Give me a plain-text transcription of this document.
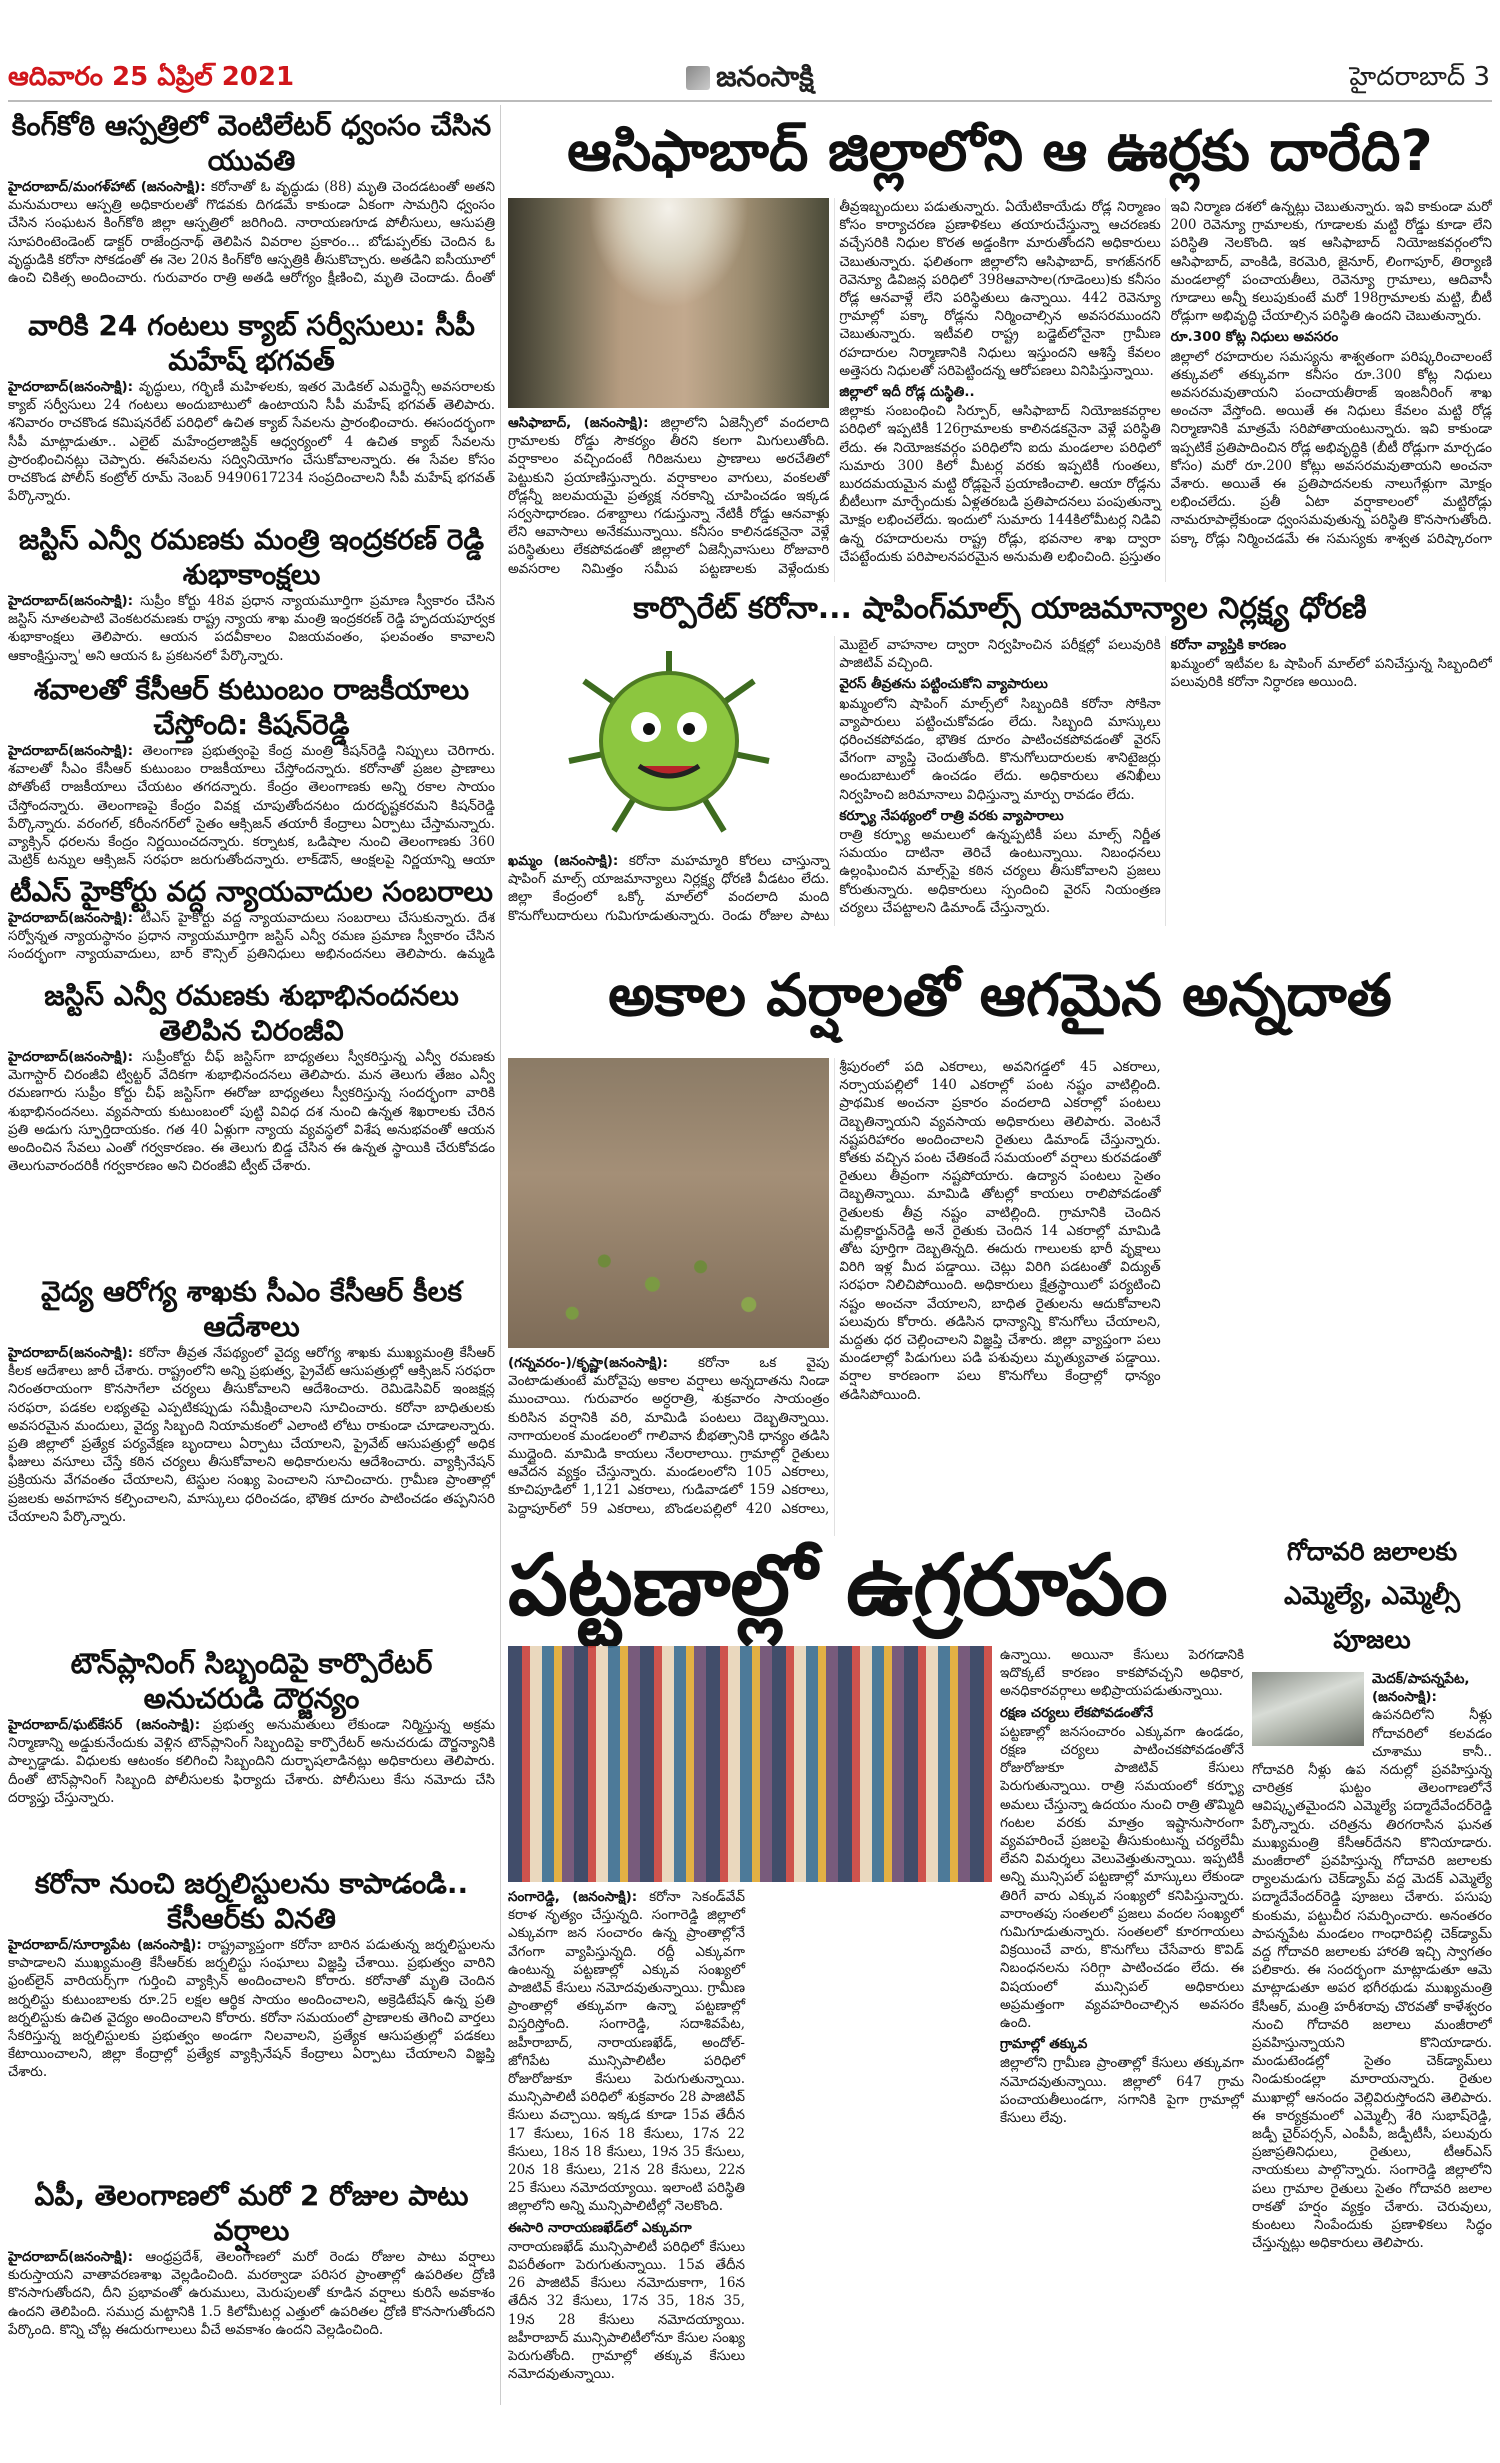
ఆదివారం 25 ఏప్రిల్ 2021	జనంసాక్షి	హైదరాబాద్ 3
కింగ్‌కోఠి ఆస్పత్రిలో వెంటిలేటర్ ధ్వంసం చేసిన యువతి
హైదరాబాద్/మంగళ్‌హాట్ (జనంసాక్షి): కరోనాతో ఓ వృద్ధుడు (88) మృతి చెందడటంతో అతని మనుమరాలు ఆస్పత్రి అధికారులతో గొడవకు దిగడమే కాకుండా ఏకంగా సామగ్రిని ధ్వంసం చేసిన సంఘటన కింగ్‌కోఠి జిల్లా ఆస్పత్రిలో జరిగింది. నారాయణగూడ పోలీసులు, ఆసుపత్రి సూపరింటెండెంట్ డాక్టర్ రాజేంద్రనాథ్ తెలిపిన వివరాల ప్రకారం... బోడుప్పల్‌కు చెందిన ఓ వృద్ధుడికి కరోనా సోకడంతో ఈ నెల 20న కింగ్‌కోఠి ఆస్పత్రికి తీసుకొచ్చారు. అతడిని ఐసీయూలో ఉంచి చికిత్స అందించారు. గురువారం రాత్రి అతడి ఆరోగ్యం క్షీణించి, మృతి చెందాడు. దీంతో
వారికి 24 గంటలు క్యాబ్ సర్వీసులు: సీపీ మహేష్ భగవత్
హైదరాబాద్(జనంసాక్షి): వృద్ధులు, గర్భిణీ మహిళలకు, ఇతర మెడికల్ ఎమర్జెన్సీ అవసరాలకు క్యాబ్ సర్వీసులు 24 గంటలు అందుబాటులో ఉంటాయని సీపీ మహేష్ భగవత్ తెలిపారు. శనివారం రాచకొండ కమిషనరేట్ పరిధిలో ఉచిత క్యాబ్ సేవలను ప్రారంభించారు. ఈసందర్భంగా సీపీ మాట్లాడుతూ.. ఎలైట్ మహేంద్రలాజిస్టిక్ ఆధ్వర్యంలో 4 ఉచిత క్యాబ్ సేవలను ప్రారంభించినట్లు చెప్పారు. ఈసేవలను సద్వినియోగం చేసుకోవాలన్నారు. ఈ సేవల కోసం రాచకొండ పోలీస్ కంట్రోల్ రూమ్ నెంబర్ 9490617234 సంప్రదించాలని సీపీ మహేష్ భగవత్ పేర్కొన్నారు.
జస్టిస్ ఎన్వీ రమణకు మంత్రి ఇంద్రకరణ్ రెడ్డి శుభాకాంక్షలు
హైదరాబాద్(జనంసాక్షి): సుప్రీం కోర్టు 48వ ప్రధాన న్యాయమూర్తిగా ప్రమాణ స్వీకారం చేసిన జస్టిస్ నూతలపాటి వెంకటరమణకు రాష్ట్ర న్యాయ శాఖ మంత్రి ఇంద్రకరణ్ రెడ్డి హృదయపూర్వక శుభాకాంక్షలు తెలిపారు. ఆయన పదవీకాలం విజయవంతం, ఫలవంతం కావాలని ఆకాంక్షిస్తున్నా' అని ఆయన ఓ ప్రకటనలో పేర్కొన్నారు.
శవాలతో కేసీఆర్ కుటుంబం రాజకీయాలు చేస్తోంది: కిషన్‌రెడ్డి
హైదరాబాద్(జనంసాక్షి): తెలంగాణ ప్రభుత్వంపై కేంద్ర మంత్రి కిషన్‌రెడ్డి నిప్పులు చెరిగారు. శవాలతో సీఎం కేసీఆర్ కుటుంబం రాజకీయాలు చేస్తోందన్నారు. కరోనాతో ప్రజల ప్రాణాలు పోతోంటే రాజకీయాలు చేయటం తగదన్నారు. కేంద్రం తెలంగాణకు అన్ని రకాల సాయం చేస్తోందన్నారు. తెలంగాణపై కేంద్రం వివక్ష చూపుతోందనటం దురదృష్టకరమని కిషన్‌రెడ్డి పేర్కొన్నారు. వరంగల్, కరీంనగర్‌లో సైతం ఆక్సిజన్ తయారీ కేంద్రాలు ఏర్పాటు చేస్తామన్నారు. వ్యాక్సిన్ ధరలను కేంద్రం నిర్ణయించదన్నారు. కర్నాటక, ఒడిషాల నుంచి తెలంగాణకు 360 మెట్రిక్ టన్నుల ఆక్సిజన్ సరఫరా జరుగుతోందన్నారు. లాక్‌డౌన్, ఆంక్షలపై నిర్ణయాన్ని ఆయా
టీఎస్ హైకోర్టు వద్ద న్యాయవాదుల సంబరాలు
హైదరాబాద్(జనంసాక్షి): టీఎస్ హైకోర్టు వద్ద న్యాయవాదులు సంబరాలు చేసుకున్నారు. దేశ సర్వోన్నత న్యాయస్థానం ప్రధాన న్యాయమూర్తిగా జస్టిస్ ఎన్వీ రమణ ప్రమాణ స్వీకారం చేసిన సందర్భంగా న్యాయవాదులు, బార్ కౌన్సిల్ ప్రతినిధులు అభినందనలు తెలిపారు. ఉమ్మడి
జస్టిస్ ఎన్వీ రమణకు శుభాభినందనలు తెలిపిన చిరంజీవి
హైదరాబాద్(జనంసాక్షి): సుప్రీంకోర్టు చీఫ్ జస్టిస్‌గా బాధ్యతలు స్వీకరిస్తున్న ఎన్వీ రమణకు మెగాస్టార్ చిరంజీవి ట్విట్టర్ వేదికగా శుభాభినందనలు తెలిపారు. మన తెలుగు తేజం ఎన్వీ రమణగారు సుప్రీం కోర్టు చీఫ్ జస్టిస్‌గా ఈరోజు బాధ్యతలు స్వీకరిస్తున్న సందర్భంగా వారికి శుభాభినందనలు. వ్యవసాయ కుటుంబంలో పుట్టి వివిధ దశ నుంచి ఉన్నత శిఖరాలకు చేరిన ప్రతి అడుగు స్ఫూర్తిదాయకం. గత 40 ఏళ్లుగా న్యాయ వ్యవస్థలో విశేష అనుభవంతో ఆయన అందించిన సేవలు ఎంతో గర్వకారణం. ఈ తెలుగు బిడ్డ చేసిన ఈ ఉన్నత స్థాయికి చేరుకోవడం తెలుగువారందరికీ గర్వకారణం అని చిరంజీవి ట్వీట్ చేశారు.
వైద్య ఆరోగ్య శాఖకు సీఎం కేసీఆర్ కీలక ఆదేశాలు
హైదరాబాద్(జనంసాక్షి): కరోనా తీవ్రత నేపథ్యంలో వైద్య ఆరోగ్య శాఖకు ముఖ్యమంత్రి కేసీఆర్ కీలక ఆదేశాలు జారీ చేశారు. రాష్ట్రంలోని అన్ని ప్రభుత్వ, ప్రైవేట్ ఆసుపత్రుల్లో ఆక్సిజన్ సరఫరా నిరంతరాయంగా కొనసాగేలా చర్యలు తీసుకోవాలని ఆదేశించారు. రెమిడెసివిర్ ఇంజక్షన్ల సరఫరా, పడకల లభ్యతపై ఎప్పటికప్పుడు సమీక్షించాలని సూచించారు. కరోనా బాధితులకు అవసరమైన మందులు, వైద్య సిబ్బంది నియామకంలో ఎలాంటి లోటు రాకుండా చూడాలన్నారు. ప్రతి జిల్లాలో ప్రత్యేక పర్యవేక్షణ బృందాలు ఏర్పాటు చేయాలని, ప్రైవేట్ ఆసుపత్రుల్లో అధిక ఫీజులు వసూలు చేస్తే కఠిన చర్యలు తీసుకోవాలని అధికారులను ఆదేశించారు. వ్యాక్సినేషన్ ప్రక్రియను వేగవంతం చేయాలని, టెస్టుల సంఖ్య పెంచాలని సూచించారు. గ్రామీణ ప్రాంతాల్లో ప్రజలకు అవగాహన కల్పించాలని, మాస్కులు ధరించడం, భౌతిక దూరం పాటించడం తప్పనిసరి చేయాలని పేర్కొన్నారు.
టౌన్‌ప్లానింగ్ సిబ్బందిపై కార్పొరేటర్ అనుచరుడి దౌర్జన్యం
హైదరాబాద్/ఘట్‌కేసర్ (జనంసాక్షి): ప్రభుత్వ అనుమతులు లేకుండా నిర్మిస్తున్న అక్రమ నిర్మాణాన్ని అడ్డుకునేందుకు వెళ్లిన టౌన్‌ప్లానింగ్ సిబ్బందిపై కార్పొరేటర్ అనుచరుడు దౌర్జన్యానికి పాల్పడ్డాడు. విధులకు ఆటంకం కలిగించి సిబ్బందిని దుర్భాషలాడినట్లు అధికారులు తెలిపారు. దీంతో టౌన్‌ప్లానింగ్ సిబ్బంది పోలీసులకు ఫిర్యాదు చేశారు. పోలీసులు కేసు నమోదు చేసి దర్యాప్తు చేస్తున్నారు.
కరోనా నుంచి జర్నలిస్టులను కాపాడండి.. కేసీఆర్‌కు వినతి
హైదరాబాద్/సూర్యాపేట (జనంసాక్షి): రాష్ట్రవ్యాప్తంగా కరోనా బారిన పడుతున్న జర్నలిస్టులను కాపాడాలని ముఖ్యమంత్రి కేసీఆర్‌కు జర్నలిస్టు సంఘాలు విజ్ఞప్తి చేశాయి. ప్రభుత్వం వారిని ఫ్రంట్‌లైన్ వారియర్స్‌గా గుర్తించి వ్యాక్సిన్ అందించాలని కోరారు. కరోనాతో మృతి చెందిన జర్నలిస్టు కుటుంబాలకు రూ.25 లక్షల ఆర్థిక సాయం అందించాలని, అక్రెడిటేషన్ ఉన్న ప్రతి జర్నలిస్టుకు ఉచిత వైద్యం అందించాలని కోరారు. కరోనా సమయంలో ప్రాణాలకు తెగించి వార్తలు సేకరిస్తున్న జర్నలిస్టులకు ప్రభుత్వం అండగా నిలవాలని, ప్రత్యేక ఆసుపత్రుల్లో పడకలు కేటాయించాలని, జిల్లా కేంద్రాల్లో ప్రత్యేక వ్యాక్సినేషన్ కేంద్రాలు ఏర్పాటు చేయాలని విజ్ఞప్తి చేశారు.
ఏపీ, తెలంగాణలో మరో 2 రోజుల పాటు వర్షాలు
హైదరాబాద్(జనంసాక్షి): ఆంధ్రప్రదేశ్, తెలంగాణలో మరో రెండు రోజుల పాటు వర్షాలు కురుస్తాయని వాతావరణశాఖ వెల్లడించింది. మరఠ్వాడా పరిసర ప్రాంతాల్లో ఉపరితల ద్రోణి కొనసాగుతోందని, దీని ప్రభావంతో ఉరుములు, మెరుపులతో కూడిన వర్షాలు కురిసే అవకాశం ఉందని తెలిపింది. సముద్ర మట్టానికి 1.5 కిలోమీటర్ల ఎత్తులో ఉపరితల ద్రోణి కొనసాగుతోందని పేర్కొంది. కొన్ని చోట్ల ఈదురుగాలులు వీచే అవకాశం ఉందని వెల్లడించింది.
ఆసిఫాబాద్ జిల్లాలోని ఆ ఊర్లకు దారేది?
ఆసిఫాబాద్, (జనంసాక్షి): జిల్లాలోని ఏజెన్సీలో వందలాది గ్రామాలకు రోడ్డు సౌకర్యం తీరని కలగా మిగులుతోంది. వర్షాకాలం వచ్చిందంటే గిరిజనులు ప్రాణాలు అరచేతిలో పెట్టుకుని ప్రయాణిస్తున్నారు. వర్షాకాలం వాగులు, వంకలతో రోడ్లన్నీ జలమయమై ప్రత్యక్ష నరకాన్ని చూపించడం ఇక్కడ సర్వసాధారణం. దశాబ్దాలు గడుస్తున్నా నేటికీ రోడ్డు ఆనవాళ్లు లేని ఆవాసాలు అనేకమున్నాయి. కనీసం కాలినడకనైనా వెళ్లే పరిస్థితులు లేకపోవడంతో జిల్లాలో ఏజెన్సీవాసులు రోజువారి అవసరాల నిమిత్తం సమీప పట్టణాలకు వెళ్లేందుకు తీవ్రఇబ్బందులు పడుతున్నారు. ఏయేటికాయేడు రోడ్ల నిర్మాణం కోసం కార్యాచరణ ప్రణాళికలు తయారుచేస్తున్నా ఆచరణకు వచ్చేసరికి నిధుల కొరత అడ్డంకిగా మారుతోందని అధికారులు చెబుతున్నారు. ఫలితంగా జిల్లాలోని ఆసిఫాబాద్, కాగజ్‌నగర్ రెవెన్యూ డివిజన్ల పరిధిలో 398ఆవాసాల(గూడెంలు)కు కనీసం రోడ్ల ఆనవాళ్లే లేని పరిస్థితులు ఉన్నాయి. 442 రెవెన్యూ గ్రామాల్లో పక్కా రోడ్లను నిర్మించాల్సిన అవసరముందని చెబుతున్నారు. ఇటీవలి రాష్ట్ర బడ్జెట్‌లోనైనా గ్రామీణ రహదారుల నిర్మాణానికి నిధులు ఇస్తుందని ఆశిస్తే కేవలం అత్తెసరు నిధులతో సరిపెట్టిందన్న ఆరోపణలు వినిపిస్తున్నాయి.
జిల్లాలో ఇదీ రోడ్ల దుస్థితి..
జిల్లాకు సంబంధించి సిర్పూర్, ఆసిఫాబాద్ నియోజకవర్గాల పరిధిలో ఇప్పటికీ 126గ్రామాలకు కాలినడకనైనా వెళ్లే పరిస్థితి లేదు. ఈ నియోజకవర్గం పరిధిలోని ఐదు మండలాల పరిధిలో సుమారు 300 కిలో మీటర్ల వరకు ఇప్పటికీ గుంతలు, బురదమయమైన మట్టి రోడ్లపైనే ప్రయాణించాలి. ఆయా రోడ్లను బీటీలుగా మార్చేందుకు ఏళ్లతరబడి ప్రతిపాదనలు పంపుతున్నా మోక్షం లభించలేదు. ఇందులో సుమారు 144కిలోమీటర్ల నిడివి ఉన్న రహదారులను రాష్ట్ర రోడ్లు, భవనాల శాఖ ద్వారా చేపట్టేందుకు పరిపాలనపరమైన అనుమతి లభించింది. ప్రస్తుతం ఇవి నిర్మాణ దశలో ఉన్నట్లు చెబుతున్నారు. ఇవి కాకుండా మరో 200 రెవెన్యూ గ్రామాలకు, గూడాలకు మట్టి రోడ్డు కూడా లేని పరిస్థితి నెలకొంది. ఇక ఆసిఫాబాద్ నియోజకవర్గంలోని ఆసిఫాబాద్, వాంకిడి, కెరమెరి, జైనూర్, లింగాపూర్, తిర్యాణి మండలాల్లో పంచాయతీలు, రెవెన్యూ గ్రామాలు, ఆదివాసీ గూడాలు అన్నీ కలుపుకుంటే మరో 198గ్రామాలకు మట్టి, బీటీ రోడ్లుగా అభివృద్ధి చేయాల్సిన పరిస్థితి ఉందని చెబుతున్నారు.
రూ.300 కోట్ల నిధులు అవసరం
జిల్లాలో రహదారుల సమస్యను శాశ్వతంగా పరిష్కరించాలంటే తక్కువలో తక్కువగా కనీసం రూ.300 కోట్ల నిధులు అవసరమవుతాయని పంచాయతీరాజ్ ఇంజనీరింగ్ శాఖ అంచనా వేస్తోంది. అయితే ఈ నిధులు కేవలం మట్టి రోడ్ల నిర్మాణానికి మాత్రమే సరిపోతాయంటున్నారు. ఇవి కాకుండా ఇప్పటికే ప్రతిపాదించిన రోడ్ల అభివృద్ధికి (బీటీ రోడ్లుగా మార్చడం కోసం) మరో రూ.200 కోట్లు అవసరమవుతాయని అంచనా వేశారు. అయితే ఈ ప్రతిపాదనలకు నాలుగేళ్లుగా మోక్షం లభించలేదు. ప్రతీ ఏటా వర్షాకాలంలో మట్టిరోడ్లు నామరూపాల్లేకుండా ధ్వంసమవుతున్న పరిస్థితి కొనసాగుతోంది. పక్కా రోడ్లు నిర్మించడమే ఈ సమస్యకు శాశ్వత పరిష్కారంగా
కార్పొరేట్ కరోనా... షాపింగ్‌మాల్స్ యాజమాన్యాల నిర్లక్ష్య ధోరణి
ఖమ్మం (జనంసాక్షి): కరోనా మహమ్మారి కోరలు చాస్తున్నా షాపింగ్ మాల్స్ యాజమాన్యాలు నిర్లక్ష్య ధోరణి వీడటం లేదు. జిల్లా కేంద్రంలో ఒక్కో మాల్‌లో వందలాది మంది కొనుగోలుదారులు గుమిగూడుతున్నారు. రెండు రోజుల పాటు మొబైల్ వాహనాల ద్వారా నిర్వహించిన పరీక్షల్లో పలువురికి పాజిటివ్ వచ్చింది.
వైరస్ తీవ్రతను పట్టించుకోని వ్యాపారులు
ఖమ్మంలోని షాపింగ్ మాల్స్‌లో సిబ్బందికి కరోనా సోకినా వ్యాపారులు పట్టించుకోవడం లేదు. సిబ్బంది మాస్కులు ధరించకపోవడం, భౌతిక దూరం పాటించకపోవడంతో వైరస్ వేగంగా వ్యాప్తి చెందుతోంది. కొనుగోలుదారులకు శానిటైజర్లు అందుబాటులో ఉంచడం లేదు. అధికారులు తనిఖీలు నిర్వహించి జరిమానాలు విధిస్తున్నా మార్పు రావడం లేదు.
కర్ఫ్యూ నేపథ్యంలో రాత్రి వరకు వ్యాపారాలు
రాత్రి కర్ఫ్యూ అమలులో ఉన్నప్పటికీ పలు మాల్స్ నిర్ణీత సమయం దాటినా తెరిచే ఉంటున్నాయి. నిబంధనలు ఉల్లంఘించిన మాల్స్‌పై కఠిన చర్యలు తీసుకోవాలని ప్రజలు కోరుతున్నారు. అధికారులు స్పందించి వైరస్ నియంత్రణ చర్యలు చేపట్టాలని డిమాండ్ చేస్తున్నారు.
కరోనా వ్యాప్తికి కారణం
ఖమ్మంలో ఇటీవల ఓ షాపింగ్ మాల్‌లో పనిచేస్తున్న సిబ్బందిలో పలువురికి కరోనా నిర్ధారణ అయింది.
అకాల వర్షాలతో ఆగమైన అన్నదాత
(గన్నవరం-)/కృష్ణా(జనంసాక్షి): కరోనా ఒక వైపు వెంటాడుతుంటే మరోవైపు అకాల వర్షాలు అన్నదాతను నిండా ముంచాయి. గురువారం అర్ధరాత్రి, శుక్రవారం సాయంత్రం కురిసిన వర్షానికి వరి, మామిడి పంటలు దెబ్బతిన్నాయి. నాగాయలంక మండలంలో గాలివాన బీభత్సానికి ధాన్యం తడిసి ముద్దైంది. మామిడి కాయలు నేలరాలాయి. గ్రామాల్లో రైతులు ఆవేదన వ్యక్తం చేస్తున్నారు. మండలంలోని 105 ఎకరాలు, కూచిపూడిలో 1,121 ఎకరాలు, గుడివాడలో 159 ఎకరాలు, పెద్దాపూర్‌లో 59 ఎకరాలు, బొండలపల్లిలో 420 ఎకరాలు, శ్రీపురంలో పది ఎకరాలు, అవనిగడ్డలో 45 ఎకరాలు, నర్సాయపల్లిలో 140 ఎకరాల్లో పంట నష్టం వాటిల్లింది. ప్రాథమిక అంచనా ప్రకారం వందలాది ఎకరాల్లో పంటలు దెబ్బతిన్నాయని వ్యవసాయ అధికారులు తెలిపారు. వెంటనే నష్టపరిహారం అందించాలని రైతులు డిమాండ్ చేస్తున్నారు. కోతకు వచ్చిన పంట చేతికందే సమయంలో వర్షాలు కురవడంతో రైతులు తీవ్రంగా నష్టపోయారు. ఉద్యాన పంటలు సైతం దెబ్బతిన్నాయి. మామిడి తోటల్లో కాయలు రాలిపోవడంతో రైతులకు తీవ్ర నష్టం వాటిల్లింది. గ్రామానికి చెందిన మల్లికార్జున్‌రెడ్డి అనే రైతుకు చెందిన 14 ఎకరాల్లో మామిడి తోట పూర్తిగా దెబ్బతిన్నది. ఈదురు గాలులకు భారీ వృక్షాలు విరిగి ఇళ్ల మీద పడ్డాయి. చెట్లు విరిగి పడటంతో విద్యుత్ సరఫరా నిలిచిపోయింది. అధికారులు క్షేత్రస్థాయిలో పర్యటించి నష్టం అంచనా వేయాలని, బాధిత రైతులను ఆదుకోవాలని పలువురు కోరారు. తడిసిన ధాన్యాన్ని కొనుగోలు చేయాలని, మద్దతు ధర చెల్లించాలని విజ్ఞప్తి చేశారు. జిల్లా వ్యాప్తంగా పలు మండలాల్లో పిడుగులు పడి పశువులు మృత్యువాత పడ్డాయి. వర్షాల కారణంగా పలు కొనుగోలు కేంద్రాల్లో ధాన్యం తడిసిపోయింది.
పట్టణాల్లో ఉగ్రరూపం
సంగారెడ్డి, (జనంసాక్షి): కరోనా సెకండ్‌వేవ్ కరాళ నృత్యం చేస్తున్నది. సంగారెడ్డి జిల్లాలో ఎక్కువగా జన సంచారం ఉన్న ప్రాంతాల్లోనే వేగంగా వ్యాపిస్తున్నది. రద్దీ ఎక్కువగా ఉంటున్న పట్టణాల్లో ఎక్కువ సంఖ్యలో పాజిటివ్ కేసులు నమోదవుతున్నాయి. గ్రామీణ ప్రాంతాల్లో తక్కువగా ఉన్నా పట్టణాల్లో విస్తరిస్తోంది. సంగారెడ్డి, సదాశివపేట, జహీరాబాద్, నారాయణఖేడ్, అందోల్-జోగిపేట మున్సిపాలిటీల పరిధిలో రోజురోజుకూ కేసులు పెరుగుతున్నాయి. మున్సిపాలిటీ పరిధిలో శుక్రవారం 28 పాజిటివ్ కేసులు వచ్చాయి. ఇక్కడ కూడా 15వ తేదీన 17 కేసులు, 16న 18 కేసులు, 17న 22 కేసులు, 18న 18 కేసులు, 19న 35 కేసులు, 20న 18 కేసులు, 21న 28 కేసులు, 22న 25 కేసులు నమోదయ్యాయి. ఇలాంటి పరిస్థితి జిల్లాలోని అన్ని మున్సిపాలిటీల్లో నెలకొంది.
ఈసారి నారాయణఖేడ్‌లో ఎక్కువగా
నారాయణఖేడ్ మున్సిపాలిటీ పరిధిలో కేసులు విపరీతంగా పెరుగుతున్నాయి. 15వ తేదీన 26 పాజిటివ్ కేసులు నమోదుకాగా, 16న తేదీన 32 కేసులు, 17న 35, 18న 35, 19న 28 కేసులు నమోదయ్యాయి. జహీరాబాద్ మున్సిపాలిటీలోనూ కేసుల సంఖ్య పెరుగుతోంది. గ్రామాల్లో తక్కువ కేసులు నమోదవుతున్నాయి.
ఉన్నాయి. అయినా కేసులు పెరగడానికి ఇదొక్కటే కారణం కాకపోవచ్చని అధికార, అనధికారవర్గాలు అభిప్రాయపడుతున్నాయి.
రక్షణ చర్యలు లేకపోవడంతోనే
పట్టణాల్లో జనసంచారం ఎక్కువగా ఉండడం, రక్షణ చర్యలు పాటించకపోవడంతోనే రోజురోజుకూ పాజిటివ్ కేసులు పెరుగుతున్నాయి. రాత్రి సమయంలో కర్ఫ్యూ అమలు చేస్తున్నా ఉదయం నుంచి రాత్రి తొమ్మిది గంటల వరకు మాత్రం ఇష్టానుసారంగా వ్యవహరించే ప్రజలపై తీసుకుంటున్న చర్యలేమీ లేవని విమర్శలు వెలువెత్తుతున్నాయి. ఇప్పటికీ అన్ని మున్సిపల్ పట్టణాల్లో మాస్కులు లేకుండా తిరిగే వారు ఎక్కువ సంఖ్యలో కనిపిస్తున్నారు. వారాంతపు సంతలలో ప్రజలు వందల సంఖ్యలో గుమిగూడుతున్నారు. సంతలలో కూరగాయలు విక్రయించే వారు, కొనుగోలు చేసేవారు కొవిడ్ నిబంధనలను సరిగ్గా పాటించడం లేదు. ఈ విషయంలో మున్సిపల్ అధికారులు అప్రమత్తంగా వ్యవహరించాల్సిన అవసరం ఉంది.
గ్రామాల్లో తక్కువ
జిల్లాలోని గ్రామీణ ప్రాంతాల్లో కేసులు తక్కువగా నమోదవుతున్నాయి. జిల్లాలో 647 గ్రామ పంచాయతీలుండగా, సగానికి పైగా గ్రామాల్లో కేసులు లేవు.
గోదావరి జలాలకు ఎమ్మెల్యే, ఎమ్మెల్సీ పూజలు
మెదక్/పాపన్నపేట, (జనంసాక్షి): ఉపనదిలోని నీళ్లు గోదావరిలో కలవడం చూశాము కానీ.. గోదావరి నీళ్లు ఉప నదుల్లో ప్రవహిస్తున్న చారిత్రక ఘట్టం తెలంగాణలోనే ఆవిష్కృతమైందని ఎమ్మెల్యే పద్మాదేవేందర్‌రెడ్డి పేర్కొన్నారు. చరిత్రను తిరగరాసిన ఘనత ముఖ్యమంత్రి కేసీఆర్‌దేనని కొనియాడారు. మంజీరాలో ప్రవహిస్తున్న గోదావరి జలాలకు ర్యాలమడుగు చెక్‌డ్యామ్ వద్ద మెదక్ ఎమ్మెల్యే పద్మాదేవేందర్‌రెడ్డి పూజలు చేశారు. పసుపు కుంకుమ, పట్టుచీర సమర్పించారు. అనంతరం పాపన్నపేట మండలం గాంధారిపల్లి చెక్‌డ్యామ్ వద్ద గోదావరి జలాలకు హారతి ఇచ్చి స్వాగతం పలికారు. ఈ సందర్భంగా మాట్లాడుతూ ఆమె మాట్లాడుతూ అపర భగీరథుడు ముఖ్యమంత్రి కేసీఆర్, మంత్రి హరీశరావు చొరవతో కాళేశ్వరం నుంచి గోదావరి జలాలు మంజీరాలో ప్రవహిస్తున్నాయని కొనియాడారు. మండుటెండల్లో సైతం చెక్‌డ్యామ్‌లు నిండుకుండల్లా మారాయన్నారు. రైతుల ముఖాల్లో ఆనందం వెల్లివిరుస్తోందని తెలిపారు. ఈ కార్యక్రమంలో ఎమ్మెల్సీ శేరి సుభాష్‌రెడ్డి, జడ్పీ చైర్‌పర్సన్, ఎంపీపీ, జడ్పీటీసీ, పలువురు ప్రజాప్రతినిధులు, రైతులు, టీఆర్ఎస్ నాయకులు పాల్గొన్నారు. సంగారెడ్డి జిల్లాలోని పలు గ్రామాల రైతులు సైతం గోదావరి జలాల రాకతో హర్షం వ్యక్తం చేశారు. చెరువులు, కుంటలు నింపేందుకు ప్రణాళికలు సిద్ధం చేస్తున్నట్లు అధికారులు తెలిపారు.
